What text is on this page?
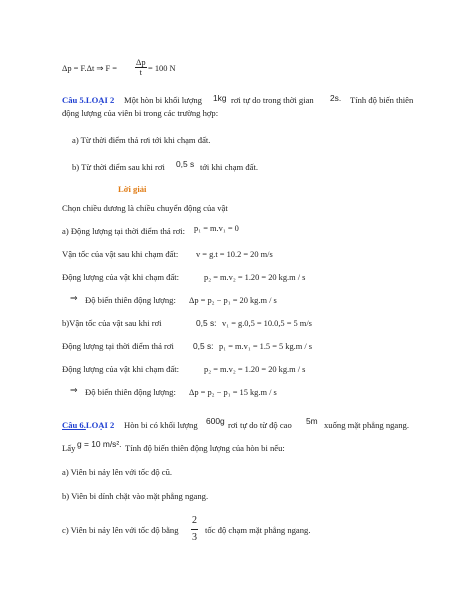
Δp = F.Δt ⇒ $F = \frac{\Delta p}{t} = 100$ N
Câu 5.LOẠI 2 Một hòn bi khối lượng 1kg rơi tự do trong thời gian 2s. Tính độ biến thiên
động lượng của viên bi trong các trường hợp:
a) Từ thời điểm thả rơi tới khi chạm đất.
b) Từ thời điểm sau khi rơi 0,5 s tới khi chạm đất.
Lời giải
Chọn chiều dương là chiều chuyển động của vật
a) Động lượng tại thời điểm thả rơi: p₁ = m.v₁ = 0
Vận tốc của vật sau khi chạm đất: v = g.t = 10.2 = 20 m/s
Động lượng của vật khi chạm đất:	p₂ = m.v₂ = 1.20 = 20 kg.m / s
⇒ Độ biến thiên động lượng: Δp = p₂ − p₁ = 20 kg.m / s
b)Vận tốc của vật sau khi rơi	0,5 s: v₁ = g.0,5 = 10.0,5 = 5 m/s
Động lượng tại thời điểm thả rơi 0,5 s: p₁ = m.v₁ = 1.5 = 5 kg.m / s
Động lượng của vật khi chạm đất:	p₂ = m.v₂ = 1.20 = 20 kg.m / s
⇒ Độ biến thiên động lượng: Δp = p₂ − p₁ = 15 kg.m / s
Câu 6.LOẠI 2 Hòn bi có khối lượng 600g rơi tự do từ độ cao 5m xuống mặt phẳng ngang.
Lấy g = 10 m/s². Tính độ biến thiên động lượng của hòn bi nếu:
a) Viên bi nảy lên với tốc độ cũ.
b) Viên bi dính chặt vào mặt phẳng ngang.
c) Viên bi nảy lên với tốc độ bằng $\frac{2}{3}$ tốc độ chạm mặt phẳng ngang.
